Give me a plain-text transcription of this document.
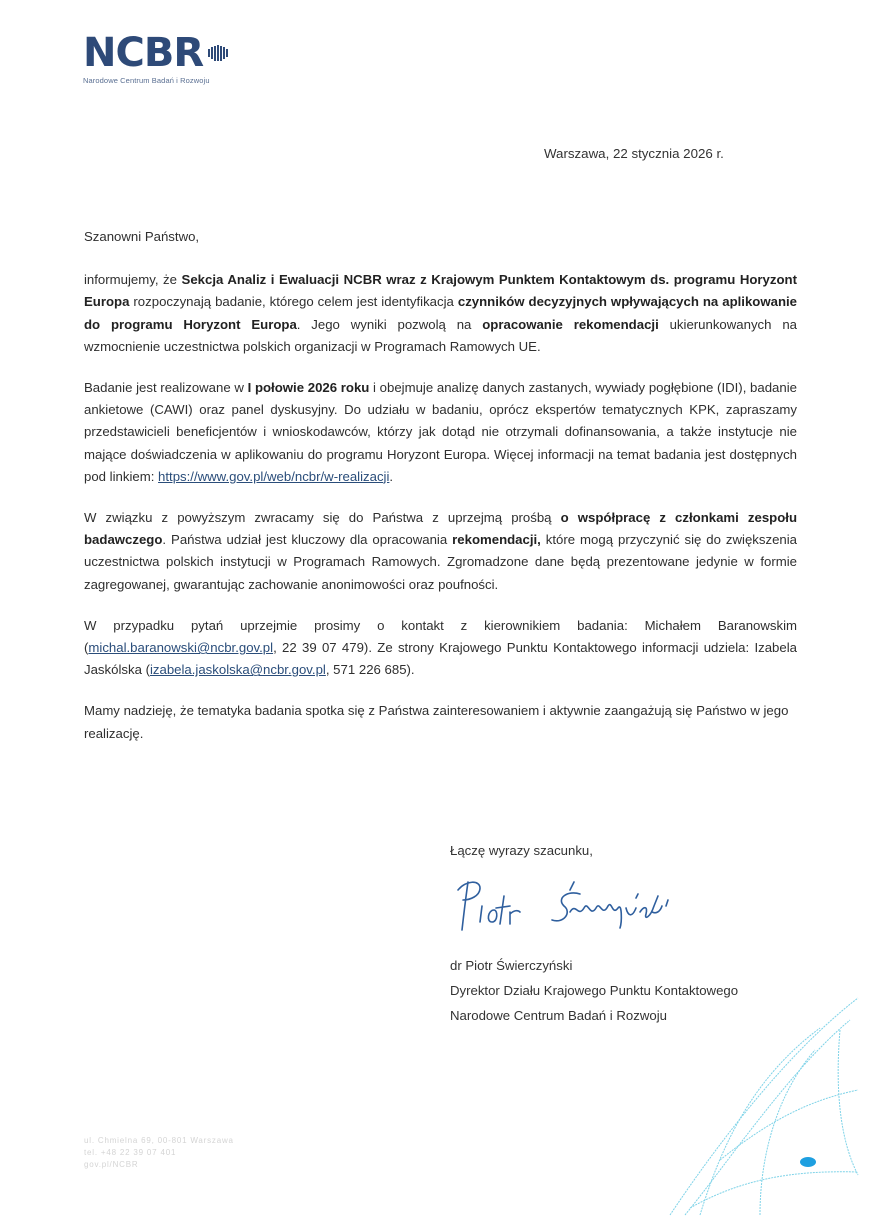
NCBR
Narodowe Centrum Badań i Rozwoju
Warszawa, 22 stycznia 2026 r.

Szanowni Państwo,

informujemy, że Sekcja Analiz i Ewaluacji NCBR wraz z Krajowym Punktem Kontaktowym ds. programu Horyzont Europa rozpoczynają badanie, którego celem jest identyfikacja czynników decyzyjnych wpływających na aplikowanie do programu Horyzont Europa. Jego wyniki pozwolą na opracowanie rekomendacji ukierunkowanych na wzmocnienie uczestnictwa polskich organizacji w Programach Ramowych UE.

Badanie jest realizowane w I połowie 2026 roku i obejmuje analizę danych zastanych, wywiady pogłębione (IDI), badanie ankietowe (CAWI) oraz panel dyskusyjny. Do udziału w badaniu, oprócz ekspertów tematycznych KPK, zapraszamy przedstawicieli beneficjentów i wnioskodawców, którzy jak dotąd nie otrzymali dofinansowania, a także instytucje nie mające doświadczenia w aplikowaniu do programu Horyzont Europa. Więcej informacji na temat badania jest dostępnych pod linkiem: https://www.gov.pl/web/ncbr/w-realizacji.

W związku z powyższym zwracamy się do Państwa z uprzejmą prośbą o współpracę z członkami zespołu badawczego. Państwa udział jest kluczowy dla opracowania rekomendacji, które mogą przyczynić się do zwiększenia uczestnictwa polskich instytucji w Programach Ramowych. Zgromadzone dane będą prezentowane jedynie w formie zagregowanej, gwarantując zachowanie anonimowości oraz poufności.

W przypadku pytań uprzejmie prosimy o kontakt z kierownikiem badania: Michałem Baranowskim (michal.baranowski@ncbr.gov.pl, 22 39 07 479). Ze strony Krajowego Punktu Kontaktowego informacji udziela: Izabela Jaskólska (izabela.jaskolska@ncbr.gov.pl, 571 226 685).

Mamy nadzieję, że tematyka badania spotka się z Państwa zainteresowaniem i aktywnie zaangażują się Państwo w jego realizację.

Łączę wyrazy szacunku,
dr Piotr Świerczyński
Dyrektor Działu Krajowego Punktu Kontaktowego
Narodowe Centrum Badań i Rozwoju
ul. Chmielna 69, 00-801 Warszawa
tel. +48 22 39 07 401
gov.pl/NCBR
